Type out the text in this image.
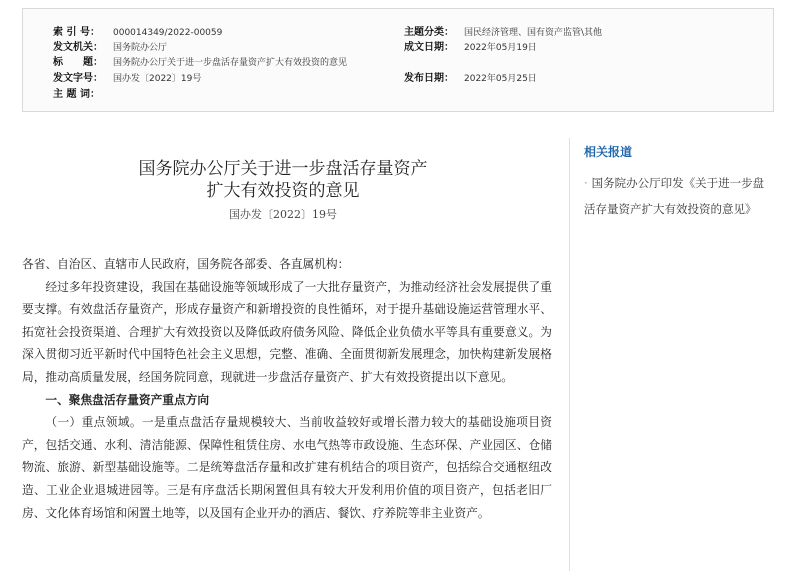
索 引 号： 000014349/2022-00059	主题分类： 国民经济管理、国有资产监管\其他
发文机关： 国务院办公厅	成文日期： 2022年05月19日
标　　题： 国务院办公厅关于进一步盘活存量资产扩大有效投资的意见
发文字号： 国办发〔2022〕19号	发布日期： 2022年05月25日
主 题 词：
国务院办公厅关于进一步盘活存量资产
扩大有效投资的意见
国办发〔2022〕19号

各省、自治区、直辖市人民政府，国务院各部委、各直属机构：

经过多年投资建设，我国在基础设施等领域形成了一大批存量资产，为推动经济社会发展提供了重要支撑。有效盘活存量资产，形成存量资产和新增投资的良性循环，对于提升基础设施运营管理水平、拓宽社会投资渠道、合理扩大有效投资以及降低政府债务风险、降低企业负债水平等具有重要意义。为深入贯彻习近平新时代中国特色社会主义思想，完整、准确、全面贯彻新发展理念，加快构建新发展格局，推动高质量发展，经国务院同意，现就进一步盘活存量资产、扩大有效投资提出以下意见。

一、聚焦盘活存量资产重点方向

（一）重点领域。一是重点盘活存量规模较大、当前收益较好或增长潜力较大的基础设施项目资产，包括交通、水利、清洁能源、保障性租赁住房、水电气热等市政设施、生态环保、产业园区、仓储物流、旅游、新型基础设施等。二是统筹盘活存量和改扩建有机结合的项目资产，包括综合交通枢纽改造、工业企业退城进园等。三是有序盘活长期闲置但具有较大开发利用价值的项目资产，包括老旧厂房、文化体育场馆和闲置土地等，以及国有企业开办的酒店、餐饮、疗养院等非主业资产。

相关报道
· 国务院办公厅印发《关于进一步盘活存量资产扩大有效投资的意见》
